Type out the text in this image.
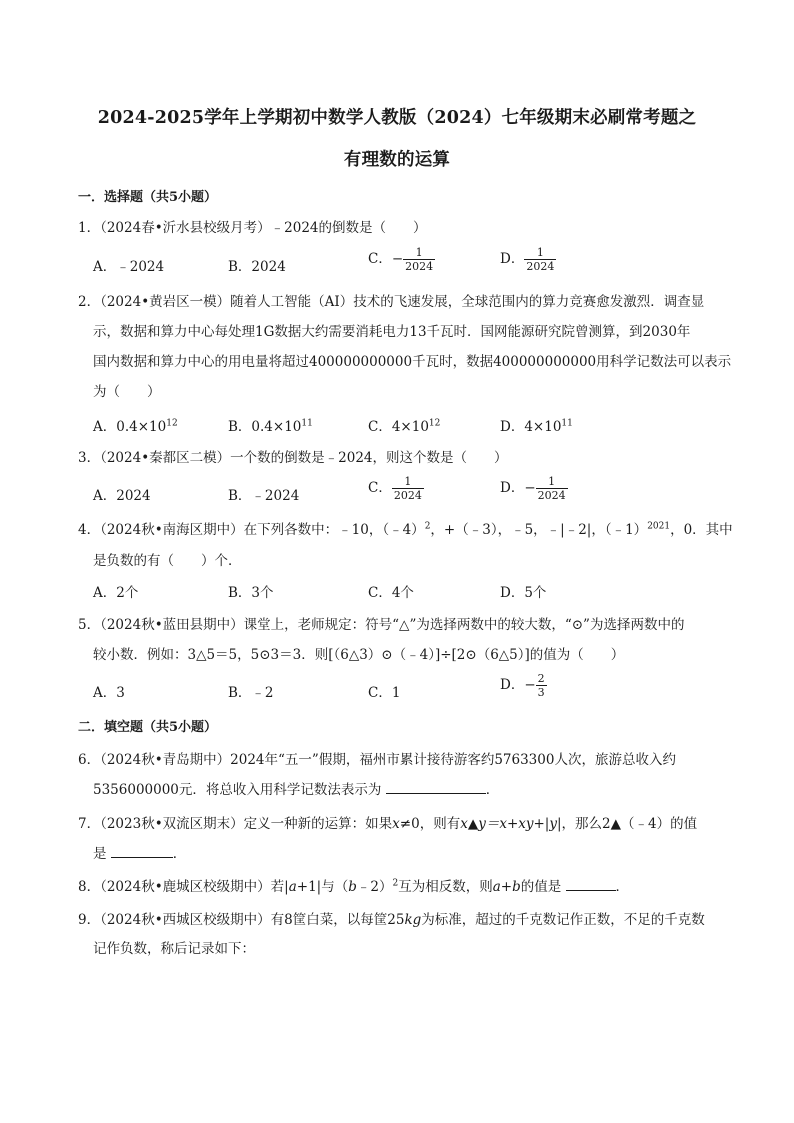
2024-2025学年上学期初中数学人教版（2024）七年级期末必刷常考题之
有理数的运算
一．选择题（共5小题）
1．（2024春•沂水县校级月考）﹣2024的倒数是（　　）
A．﹣2024	B．2024	C．− $\frac{1}{2024}$	D． $\frac{1}{2024}$
2．（2024•黄岩区一模）随着人工智能（AI）技术的飞速发展，全球范围内的算力竞赛愈发激烈．调查显
示，数据和算力中心每处理1G数据大约需要消耗电力13千瓦时．国网能源研究院曾测算，到2030年
国内数据和算力中心的用电量将超过400000000000千瓦时，数据400000000000用科学记数法可以表示
为（　　）
A．$0.4\times 10^{12}$	B．$0.4\times 10^{11}$	C．$4\times 10^{12}$	D．$4\times 10^{11}$
3．（2024•秦都区二模）一个数的倒数是﹣2024，则这个数是（　　）
A．2024	B．﹣2024	C． $\frac{1}{2024}$	D．− $\frac{1}{2024}$
4．（2024秋•南海区期中）在下列各数中：﹣10，（﹣4）$^2$，+（﹣3），﹣5，﹣|﹣2|，（﹣1）$^{2021}$，0．其中
是负数的有（　　）个．
A．2个	B．3个	C．4个	D．5个
5．（2024秋•蓝田县期中）课堂上，老师规定：符号“△”为选择两数中的较大数，“⊙”为选择两数中的
较小数．例如：3△5＝5，5⊙3＝3．则[（6△3）⊙（﹣4）]÷[2⊙（6△5）]的值为（　　）
A．3	B．﹣2	C．1	D．− $\frac{2}{3}$
二．填空题（共5小题）
6．（2024秋•青岛期中）2024年“五一”假期，福州市累计接待游客约5763300人次，旅游总收入约
5356000000元．将总收入用科学记数法表示为	．
7．（2023秋•双流区期末）定义一种新的运算：如果x≠0，则有x▲y＝x+xy+|y|，那么2▲（﹣4）的值
是	．
8．（2024秋•鹿城区校级期中）若|a+1|与（b﹣2）$^2$互为相反数，则a+b的值是	．
9．（2024秋•西城区校级期中）有8筐白菜，以每筐25kg为标准，超过的千克数记作正数，不足的千克数
记作负数，称后记录如下：
